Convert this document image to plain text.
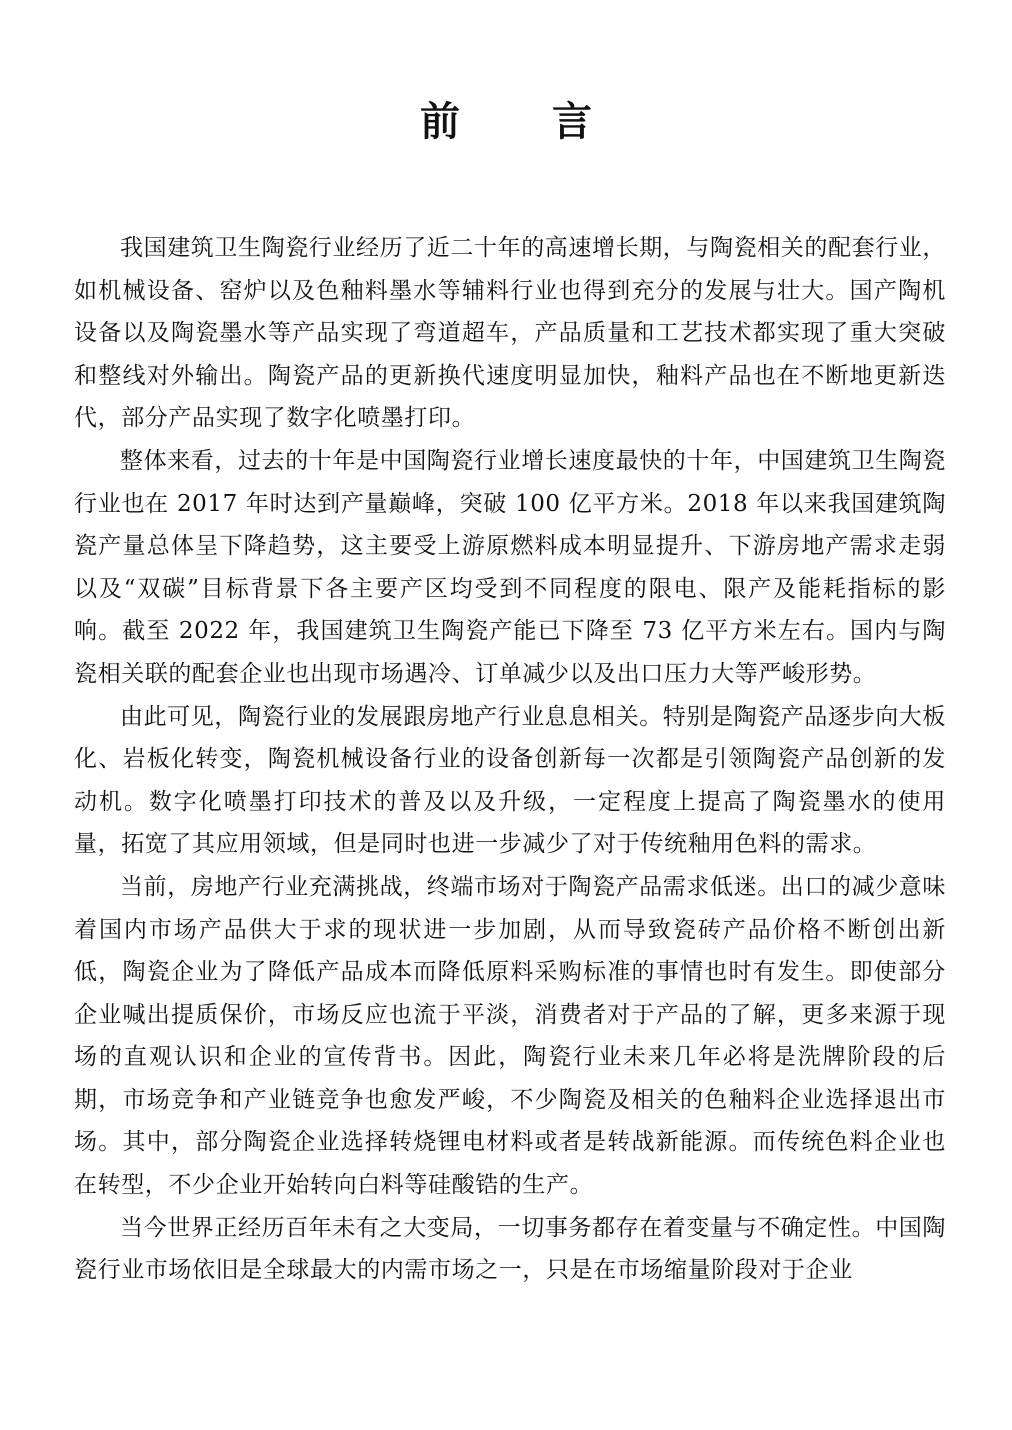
前言

我国建筑卫生陶瓷行业经历了近二十年的高速增长期，与陶瓷相关的配套行业，如机械设备、窑炉以及色釉料墨水等辅料行业也得到充分的发展与壮大。国产陶机设备以及陶瓷墨水等产品实现了弯道超车，产品质量和工艺技术都实现了重大突破和整线对外输出。陶瓷产品的更新换代速度明显加快，釉料产品也在不断地更新迭代，部分产品实现了数字化喷墨打印。

整体来看，过去的十年是中国陶瓷行业增长速度最快的十年，中国建筑卫生陶瓷行业也在 2017 年时达到产量巅峰，突破 100 亿平方米。2018 年以来我国建筑陶瓷产量总体呈下降趋势，这主要受上游原燃料成本明显提升、下游房地产需求走弱以及“双碳”目标背景下各主要产区均受到不同程度的限电、限产及能耗指标的影响。截至 2022 年，我国建筑卫生陶瓷产能已下降至 73 亿平方米左右。国内与陶瓷相关联的配套企业也出现市场遇冷、订单减少以及出口压力大等严峻形势。

由此可见，陶瓷行业的发展跟房地产行业息息相关。特别是陶瓷产品逐步向大板化、岩板化转变，陶瓷机械设备行业的设备创新每一次都是引领陶瓷产品创新的发动机。数字化喷墨打印技术的普及以及升级，一定程度上提高了陶瓷墨水的使用量，拓宽了其应用领域，但是同时也进一步减少了对于传统釉用色料的需求。

当前，房地产行业充满挑战，终端市场对于陶瓷产品需求低迷。出口的减少意味着国内市场产品供大于求的现状进一步加剧，从而导致瓷砖产品价格不断创出新低，陶瓷企业为了降低产品成本而降低原料采购标准的事情也时有发生。即使部分企业喊出提质保价，市场反应也流于平淡，消费者对于产品的了解，更多来源于现场的直观认识和企业的宣传背书。因此，陶瓷行业未来几年必将是洗牌阶段的后期，市场竞争和产业链竞争也愈发严峻，不少陶瓷及相关的色釉料企业选择退出市场。其中，部分陶瓷企业选择转烧锂电材料或者是转战新能源。而传统色料企业也在转型，不少企业开始转向白料等硅酸锆的生产。

当今世界正经历百年未有之大变局，一切事务都存在着变量与不确定性。中国陶瓷行业市场依旧是全球最大的内需市场之一，只是在市场缩量阶段对于企业
